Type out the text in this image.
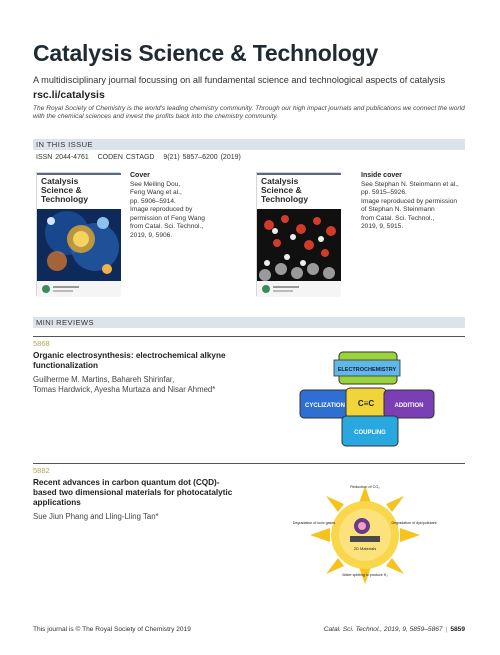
Catalysis Science & Technology
A multidisciplinary journal focussing on all fundamental science and technological aspects of catalysis
rsc.li/catalysis
The Royal Society of Chemistry is the world's leading chemistry community. Through our high impact journals and publications we connect the world with the chemical sciences and invest the profits back into the chemistry community.
IN THIS ISSUE
ISSN 2044-4761 CODEN CSTAGD 9(21) 5857–6200 (2019)
Catalysis
Science &
Technology
Cover
See Meiling Dou,
Feng Wang et al.,
pp. 5906–5914.
Image reproduced by
permission of Feng Wang
from Catal. Sci. Technol.,
2019, 9, 5906.
Catalysis
Science &
Technology
Inside cover
See Stephan N. Steinmann et al.,
pp. 5915–5926.
Image reproduced by permission
of Stephan N. Steinmann
from Catal. Sci. Technol.,
2019, 9, 5915.
MINI REVIEWS
5868
Organic electrosynthesis: electrochemical alkyne
functionalization
Guilherme M. Martins, Bahareh Shirinfar,
Tomas Hardwick, Ayesha Murtaza and Nisar Ahmed*
ELECTROCHEMISTRY
CYCLIZATION C≡C	ADDITION
COUPLING
5882
Recent advances in carbon quantum dot (CQD)-
based two dimensional materials for photocatalytic
applications
Sue Jiun Phang and Lling-Lling Tan*
Reduction of CO₂
Degradation of toxic gases	Degradation of dye/pollutant
2D Materials
Water splitting to produce H₂
This journal is © The Royal Society of Chemistry 2019	Catal. Sci. Technol., 2019, 9, 5859–5867 | 5859
